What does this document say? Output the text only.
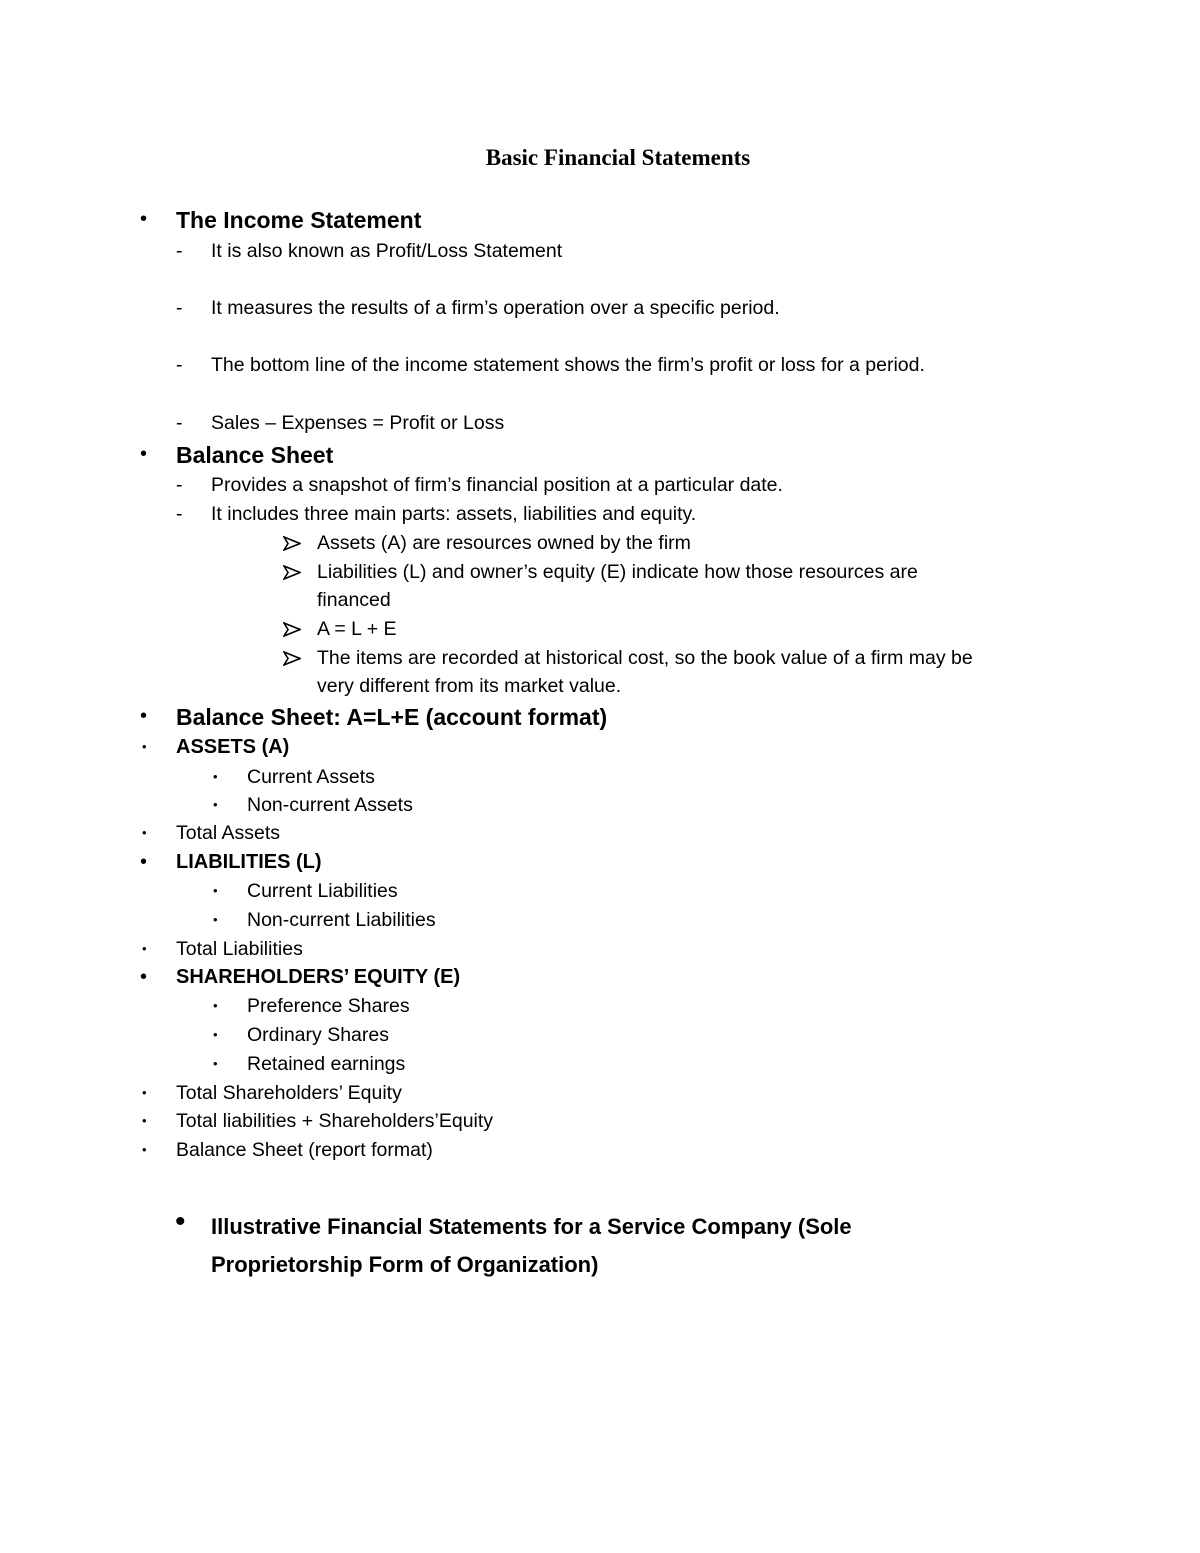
Basic Financial Statements
• The Income Statement
- It is also known as Profit/Loss Statement
- It measures the results of a firm’s operation over a specific period.
- The bottom line of the income statement shows the firm’s profit or loss for a period.
- Sales – Expenses = Profit or Loss
• Balance Sheet
- Provides a snapshot of firm’s financial position at a particular date.
- It includes three main parts: assets, liabilities and equity.
Assets (A) are resources owned by the firm
Liabilities (L) and owner’s equity (E) indicate how those resources are
financed
A = L + E
The items are recorded at historical cost, so the book value of a firm may be
very different from its market value.
• Balance Sheet: A=L+E (account format)
• ASSETS (A)
• Current Assets
• Non-current Assets
• Total Assets
• LIABILITIES (L)
• Current Liabilities
• Non-current Liabilities
• Total Liabilities
• SHAREHOLDERS’ EQUITY (E)
• Preference Shares
• Ordinary Shares
• Retained earnings
• Total Shareholders’ Equity
• Total liabilities + Shareholders’Equity
• Balance Sheet (report format)
• Illustrative Financial Statements for a Service Company (Sole
Proprietorship Form of Organization)
